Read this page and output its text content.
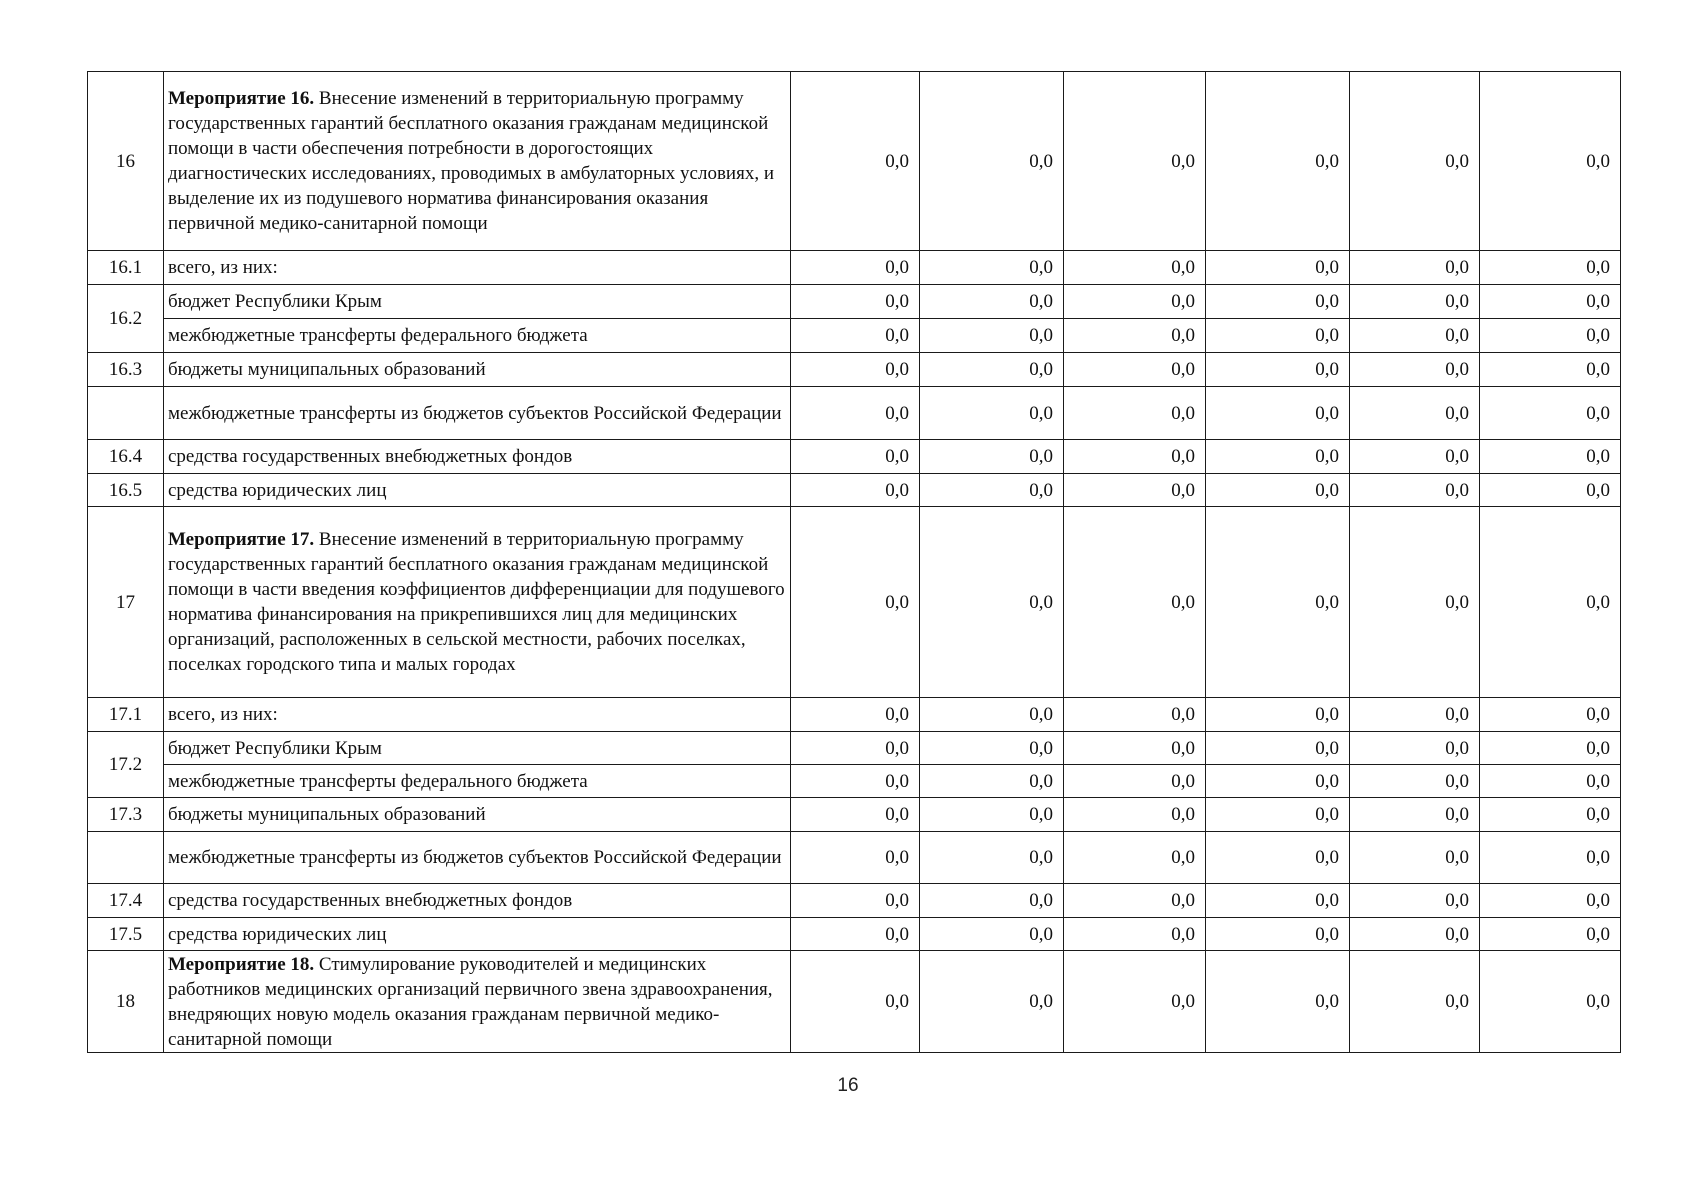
16	Мероприятие 16. Внесение изменений в территориальную программу государственных гарантий бесплатного оказания гражданам медицинской помощи в части обеспечения потребности в дорогостоящих диагностических исследованиях, проводимых в амбулаторных условиях, и выделение их из подушевого норматива финансирования оказания первичной медико-санитарной помощи	0,0	0,0	0,0	0,0	0,0	0,0
16.1	всего, из них:	0,0	0,0	0,0	0,0	0,0	0,0
16.2	бюджет Республики Крым	0,0	0,0	0,0	0,0	0,0	0,0
	межбюджетные трансферты федерального бюджета	0,0	0,0	0,0	0,0	0,0	0,0
16.3	бюджеты муниципальных образований	0,0	0,0	0,0	0,0	0,0	0,0
	межбюджетные трансферты из бюджетов субъектов Российской Федерации	0,0	0,0	0,0	0,0	0,0	0,0
16.4	средства государственных внебюджетных фондов	0,0	0,0	0,0	0,0	0,0	0,0
16.5	средства юридических лиц	0,0	0,0	0,0	0,0	0,0	0,0
17	Мероприятие 17. Внесение изменений в территориальную программу государственных гарантий бесплатного оказания гражданам медицинской помощи в части введения коэффициентов дифференциации для подушевого норматива финансирования на прикрепившихся лиц для медицинских организаций, расположенных в сельской местности, рабочих поселках, поселках городского типа и малых городах	0,0	0,0	0,0	0,0	0,0	0,0
17.1	всего, из них:	0,0	0,0	0,0	0,0	0,0	0,0
17.2	бюджет Республики Крым	0,0	0,0	0,0	0,0	0,0	0,0
	межбюджетные трансферты федерального бюджета	0,0	0,0	0,0	0,0	0,0	0,0
17.3	бюджеты муниципальных образований	0,0	0,0	0,0	0,0	0,0	0,0
	межбюджетные трансферты из бюджетов субъектов Российской Федерации	0,0	0,0	0,0	0,0	0,0	0,0
17.4	средства государственных внебюджетных фондов	0,0	0,0	0,0	0,0	0,0	0,0
17.5	средства юридических лиц	0,0	0,0	0,0	0,0	0,0	0,0
18	Мероприятие 18. Стимулирование руководителей и медицинских работников медицинских организаций первичного звена здравоохранения, внедряющих новую модель оказания гражданам первичной медико-санитарной помощи	0,0	0,0	0,0	0,0	0,0	0,0
16
